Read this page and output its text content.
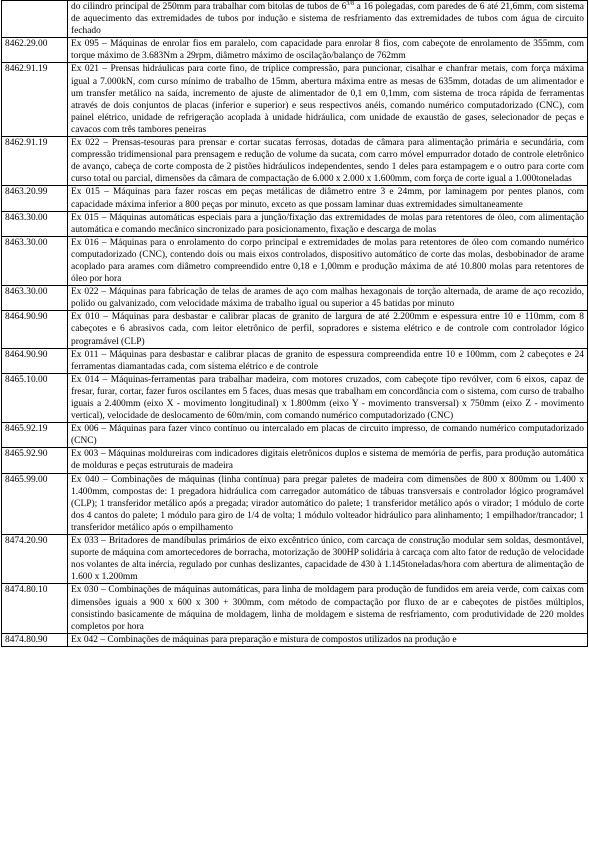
	do cilindro principal de 250mm para trabalhar com bitolas de tubos de $6^{3/8}$ a 16 polegadas, com paredes de 6 até 21,6mm, com sistema de aquecimento das extremidades de tubos por indução e sistema de resfriamento das extremidades de tubos com água de circuito fechado
8462.29.00	Ex 095 – Máquinas de enrolar fios em paralelo, com capacidade para enrolar 8 fios, com cabeçote de enrolamento de 355mm, com torque máximo de 3.683Nm a 29rpm, diâmetro máximo de oscilação/balanço de 762mm
8462.91.19	Ex 021 – Prensas hidráulicas para corte fino, de tríplice compressão, para puncionar, cisalhar e chanfrar metais, com força máxima igual a 7.000kN, com curso mínimo de trabalho de 15mm, abertura máxima entre as mesas de 635mm, dotadas de um alimentador e um transfer metálico na saída, incremento de ajuste de alimentador de 0,1 em 0,1mm, com sistema de troca rápida de ferramentas através de dois conjuntos de placas (inferior e superior) e seus respectivos anéis, comando numérico computadorizado (CNC), com painel elétrico, unidade de refrigeração acoplada à unidade hidráulica, com unidade de exaustão de gases, selecionador de peças e cavacos com três tambores peneiras
8462.91.19	Ex 022 – Prensas-tesouras para prensar e cortar sucatas ferrosas, dotadas de câmara para alimentação primária e secundária, com compressão tridimensional para prensagem e redução de volume da sucata, com carro móvel empurrador dotado de controle eletrônico de avanço, cabeça de corte composta de 2 pistões hidráulicos independentes, sendo 1 deles para estampagem e o outro para corte com curso total ou parcial, dimensões da câmara de compactação de 6.000 x 2.000 x 1.600mm, com força de corte igual a 1.000toneladas
8463.20.99	Ex 015 – Máquinas para fazer roscas em peças metálicas de diâmetro entre 3 e 24mm, por laminagem por pentes planos, com capacidade máxima inferior a 800 peças por minuto, exceto as que possam laminar duas extremidades simultaneamente
8463.30.00	Ex 015 – Máquinas automáticas especiais para a junção/fixação das extremidades de molas para retentores de óleo, com alimentação automática e comando mecânico sincronizado para posicionamento, fixação e descarga de molas
8463.30.00	Ex 016 – Máquinas para o enrolamento do corpo principal e extremidades de molas para retentores de óleo com comando numérico computadorizado (CNC), contendo dois ou mais eixos controlados, dispositivo automático de corte das molas, desbobinador de arame acoplado para arames com diâmetro compreendido entre 0,18 e 1,00mm e produção máxima de até 10.800 molas para retentores de óleo por hora
8463.30.00	Ex 022 – Máquinas para fabricação de telas de arames de aço com malhas hexagonais de torção alternada, de arame de aço recozido, polido ou galvanizado, com velocidade máxima de trabalho igual ou superior a 45 batidas por minuto
8464.90.90	Ex 010 – Máquinas para desbastar e calibrar placas de granito de largura de até 2.200mm e espessura entre 10 e 110mm, com 8 cabeçotes e 6 abrasivos cada, com leitor eletrônico de perfil, sopradores e sistema elétrico e de controle com controlador lógico programável (CLP)
8464.90.90	Ex 011 – Máquinas para desbastar e calibrar placas de granito de espessura compreendida entre 10 e 100mm, com 2 cabeçotes e 24 ferramentas diamantadas cada, com sistema elétrico e de controle
8465.10.00	Ex 014 – Máquinas-ferramentas para trabalhar madeira, com motores cruzados, com cabeçote tipo revólver, com 6 eixos, capaz de fresar, furar, cortar, fazer furos oscilantes em 5 faces, duas mesas que trabalham em concordância com o sistema, com curso de trabalho iguais a 2.400mm (eixo X - movimento longitudinal) x 1.800mm (eixo Y - movimento transversal) x 750mm (eixo Z - movimento vertical), velocidade de deslocamento de 60m/min, com comando numérico computadorizado (CNC)
8465.92.19	Ex 006 – Máquinas para fazer vinco contínuo ou intercalado em placas de circuito impresso, de comando numérico computadorizado (CNC)
8465.92.90	Ex 003 – Máquinas moldureiras com indicadores digitais eletrônicos duplos e sistema de memória de perfis, para produção automática de molduras e peças estruturais de madeira
8465.99.00	Ex 040 – Combinações de máquinas (linha contínua) para pregar paletes de madeira com dimensões de 800 x 800mm ou 1.400 x 1.400mm, compostas de: 1 pregadora hidráulica com carregador automático de tábuas transversais e controlador lógico programável (CLP); 1 transferidor metálico após a pregada; virador automático do palete; 1 transferidor metálico após o virador; 1 módulo de corte dos 4 cantos do palete; 1 módulo para giro de 1/4 de volta; 1 módulo volteador hidráulico para alinhamento; 1 empilhador/trancador; 1 transferidor metálico após o empilhamento
8474.20.90	Ex 033 – Britadores de mandíbulas primários de eixo excêntrico único, com carcaça de construção modular sem soldas, desmontável, suporte de máquina com amortecedores de borracha, motorização de 300HP solidária à carcaça com alto fator de redução de velocidade nos volantes de alta inércia, regulado por cunhas deslizantes, capacidade de 430 à 1.145toneladas/hora com abertura de alimentação de 1.600 x 1.200mm
8474.80.10	Ex 030 – Combinações de máquinas automáticas, para linha de moldagem para produção de fundidos em areia verde, com caixas com dimensões iguais a 900 x 600 x 300 + 300mm, com método de compactação por fluxo de ar e cabeçotes de pistões múltiplos, consistindo basicamente de máquina de moldagem, linha de moldagem e sistema de resfriamento, com produtividade de 220 moldes completos por hora
8474.80.90	Ex 042 – Combinações de máquinas para preparação e mistura de compostos utilizados na produção e
